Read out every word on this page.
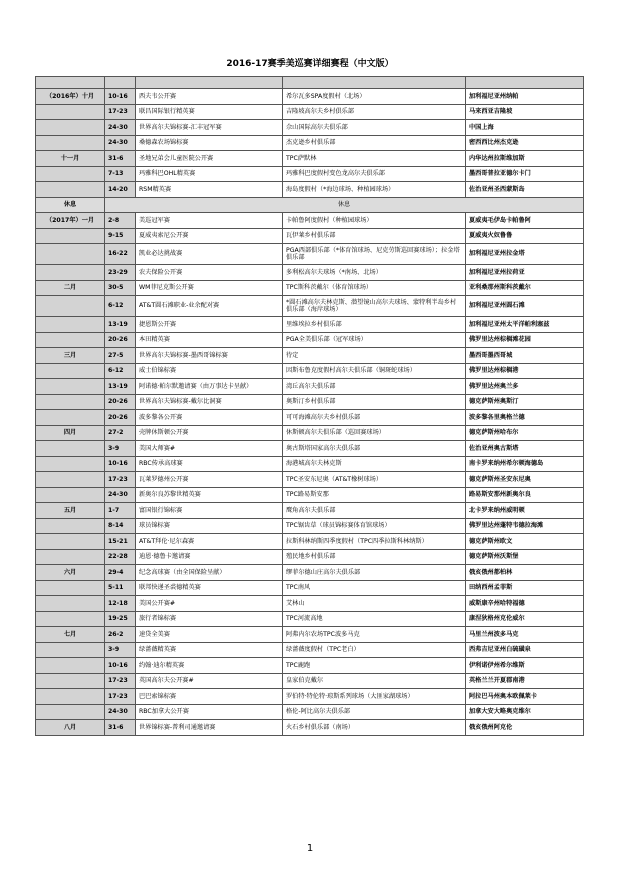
2016-17赛季美巡赛详细赛程（中文版）

（2016年）十月	10-16	西夫韦公开赛	希尔瓦多SPA度假村（北场）	加利福尼亚州纳帕
	17-23	联昌国际银行精英赛	吉隆坡高尔夫乡村俱乐部	马来西亚吉隆坡
	24-30	世界高尔夫锦标赛-汇丰冠军赛	佘山国际高尔夫俱乐部	中国上海
	24-30	桑德森农场锦标赛	杰克逊乡村俱乐部	密西西比州杰克逊
十一月	31-6	圣地兄弟会儿童医院公开赛	TPC萨默林	内华达州拉斯维加斯
	7-13	玛雅科巴OHL精英赛	玛雅科巴度假村变色龙高尔夫俱乐部	墨西哥普拉亚德尔卡门
	14-20	RSM精英赛	海岛度假村（*海边球场、种植园球场）	佐治亚州圣西蒙斯岛
休息	休息			
（2017年）一月	2-8	美巡冠军赛	卡帕鲁阿度假村（种植园球场）	夏威夷毛伊岛卡帕鲁阿
	9-15	夏威夷索尼公开赛	瓦伊莱乡村俱乐部	夏威夷火奴鲁鲁
	16-22	凯业必达挑战赛	PGA西部俱乐部（*体育馆球场、尼克劳斯巡回赛球场）；拉金塔俱乐部	加利福尼亚州拉金塔
	23-29	农夫保险公开赛	多利松高尔夫球场（*南场、北场）	加利福尼亚州拉荷亚
二月	30-5	WM菲尼克斯公开赛	TPC斯科茨戴尔（体育馆球场）	亚利桑那州斯科茨戴尔
	6-12	AT&T圆石滩职业-业余配对赛	*圆石滩高尔夫林克斯、潜望镜山高尔夫球场、蒙特利半岛乡村俱乐部（海岸球场）	加利福尼亚州圆石滩
	13-19	捷恩斯公开赛	里维埃拉乡村俱乐部	加利福尼亚州太平洋帕利塞兹
	20-26	本田精英赛	PGA全美俱乐部（冠军球场）	佛罗里达州棕榈滩花园
三月	27-5	世界高尔夫锦标赛-墨西哥锦标赛	待定	墨西哥墨西哥城
	6-12	威士伯锦标赛	因斯布鲁克度假村高尔夫俱乐部（铜斑蛇球场）	佛罗里达州棕榈港
	13-19	阿诺德·帕尔默邀请赛（由万事达卡呈献）	湾丘高尔夫俱乐部	佛罗里达州奥兰多
	20-26	世界高尔夫锦标赛-戴尔比洞赛	奥斯汀乡村俱乐部	德克萨斯州奥斯汀
	20-26	波多黎各公开赛	可可海滩高尔夫乡村俱乐部	波多黎各里奥格兰德
四月	27-2	壳牌休斯顿公开赛	休斯顿高尔夫俱乐部（巡回赛球场）	德克萨斯州哈布尔
	3-9	美国大师赛#	奥古斯塔国家高尔夫俱乐部	佐治亚州奥古斯塔
	10-16	RBC传承高球赛	海港城高尔夫林克斯	南卡罗来纳州希尔顿海德岛
	17-23	瓦莱罗德州公开赛	TPC圣安东尼奥（AT&T橡树球场）	德克萨斯州圣安东尼奥
	24-30	新奥尔良苏黎世精英赛	TPC路易斯安那	路易斯安那州新奥尔良
五月	1-7	富国银行锦标赛	鹰角高尔夫俱乐部	北卡罗来纳州威明顿
	8-14	球员锦标赛	TPC锯齿草（球员锦标赛体育馆球场）	佛罗里达州蓬特韦德拉海滩
	15-21	AT&T拜伦·尼尔森赛	拉斯科林纳斯四季度假村（TPC四季拉斯科林纳斯）	德克萨斯州欧文
	22-28	迪恩·德鲁卡邀请赛	殖民地乡村俱乐部	德克萨斯州沃斯堡
六月	29-4	纪念高球赛（由全国保险呈献）	缪菲尔德山庄高尔夫俱乐部	俄亥俄州都柏林
	5-11	联邦快递圣裘德精英赛	TPC南风	田纳西州孟菲斯
	12-18	美国公开赛#	艾林山	威斯康辛州哈特福德
	19-25	旅行者锦标赛	TPC河流高地	康涅狄格州克伦威尔
七月	26-2	速贷全美赛	阿弗内尔农场TPC波多马克	马里兰州波多马克
	3-9	绿蔷薇精英赛	绿蔷薇度假村（TPC老白）	西弗吉尼亚州白硫磺泉
	10-16	约翰·迪尔精英赛	TPC鹿跑	伊利诺伊州希尔维斯
	17-23	英国高尔夫公开赛#	皇家伯克戴尔	英格兰兰开夏郡南港
	17-23	巴巴索锦标赛	罗伯特·特伦特·琼斯系列球场（大匪家湖球场）	阿拉巴马州奥本欧佩莱卡
	24-30	RBC加拿大公开赛	格伦-阿比高尔夫俱乐部	加拿大安大略奥克维尔
八月	31-6	世界锦标赛-普利司通邀请赛	火石乡村俱乐部（南场）	俄亥俄州阿克伦
1
